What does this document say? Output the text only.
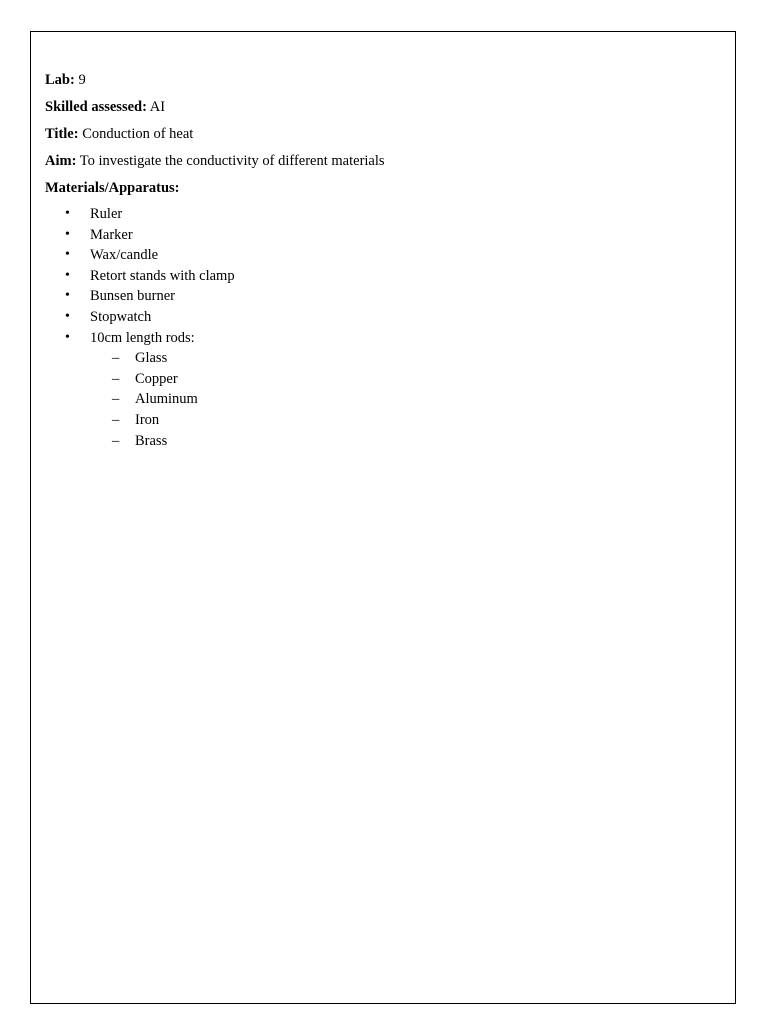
Lab: 9
Skilled assessed: AI
Title: Conduction of heat
Aim: To investigate the conductivity of different materials
Materials/Apparatus:
• Ruler
• Marker
• Wax/candle
• Retort stands with clamp
• Bunsen burner
• Stopwatch
• 10cm length rods:
– Glass
– Copper
– Aluminum
– Iron
– Brass
